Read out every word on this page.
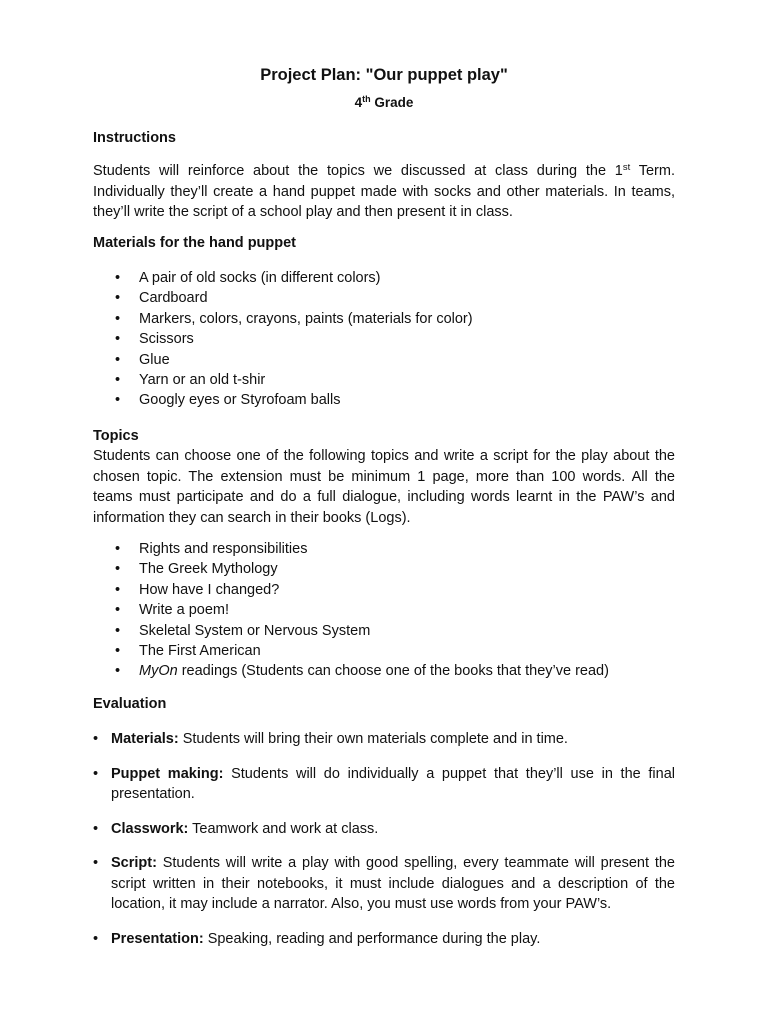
Project Plan: "Our puppet play"
4th Grade
Instructions
Students will reinforce about the topics we discussed at class during the 1st Term. Individually they’ll create a hand puppet made with socks and other materials. In teams, they’ll write the script of a school play and then present it in class.
Materials for the hand puppet
• A pair of old socks (in different colors)
• Cardboard
• Markers, colors, crayons, paints (materials for color)
• Scissors
• Glue
• Yarn or an old t-shir
• Googly eyes or Styrofoam balls
Topics
Students can choose one of the following topics and write a script for the play about the chosen topic. The extension must be minimum 1 page, more than 100 words. All the teams must participate and do a full dialogue, including words learnt in the PAW’s and information they can search in their books (Logs).
• Rights and responsibilities
• The Greek Mythology
• How have I changed?
• Write a poem!
• Skeletal System or Nervous System
• The First American
• MyOn readings (Students can choose one of the books that they’ve read)
Evaluation
• Materials: Students will bring their own materials complete and in time.
• Puppet making: Students will do individually a puppet that they’ll use in the final presentation.
• Classwork: Teamwork and work at class.
• Script: Students will write a play with good spelling, every teammate will present the script written in their notebooks, it must include dialogues and a description of the location, it may include a narrator. Also, you must use words from your PAW’s.
• Presentation: Speaking, reading and performance during the play.
